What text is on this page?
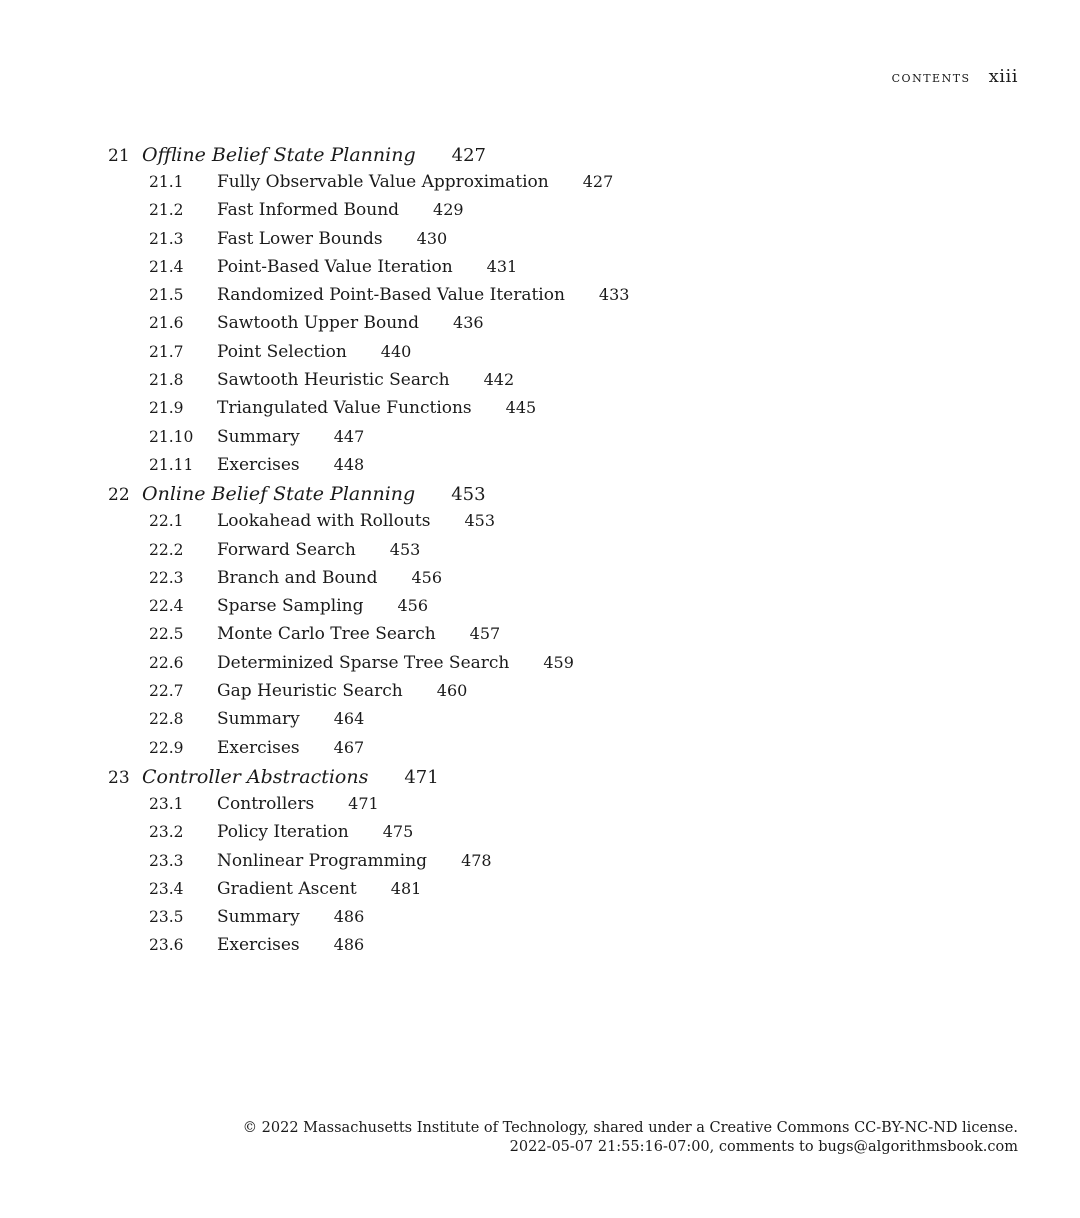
contents xiii
21 Offline Belief State Planning 427
21.1	Fully Observable Value Approximation 427
21.2	Fast Informed Bound 429
21.3	Fast Lower Bounds 430
21.4	Point-Based Value Iteration 431
21.5	Randomized Point-Based Value Iteration 433
21.6	Sawtooth Upper Bound 436
21.7	Point Selection 440
21.8	Sawtooth Heuristic Search 442
21.9	Triangulated Value Functions 445
21.10	Summary 447
21.11	Exercises 448
22 Online Belief State Planning 453
22.1	Lookahead with Rollouts 453
22.2	Forward Search 453
22.3	Branch and Bound 456
22.4	Sparse Sampling 456
22.5	Monte Carlo Tree Search 457
22.6	Determinized Sparse Tree Search 459
22.7	Gap Heuristic Search 460
22.8	Summary 464
22.9	Exercises 467
23 Controller Abstractions 471
23.1	Controllers 471
23.2	Policy Iteration 475
23.3	Nonlinear Programming 478
23.4	Gradient Ascent 481
23.5	Summary 486
23.6	Exercises 486
© 2022 Massachusetts Institute of Technology, shared under a Creative Commons CC-BY-NC-ND license.
2022-05-07 21:55:16-07:00, comments to bugs@algorithmsbook.com
